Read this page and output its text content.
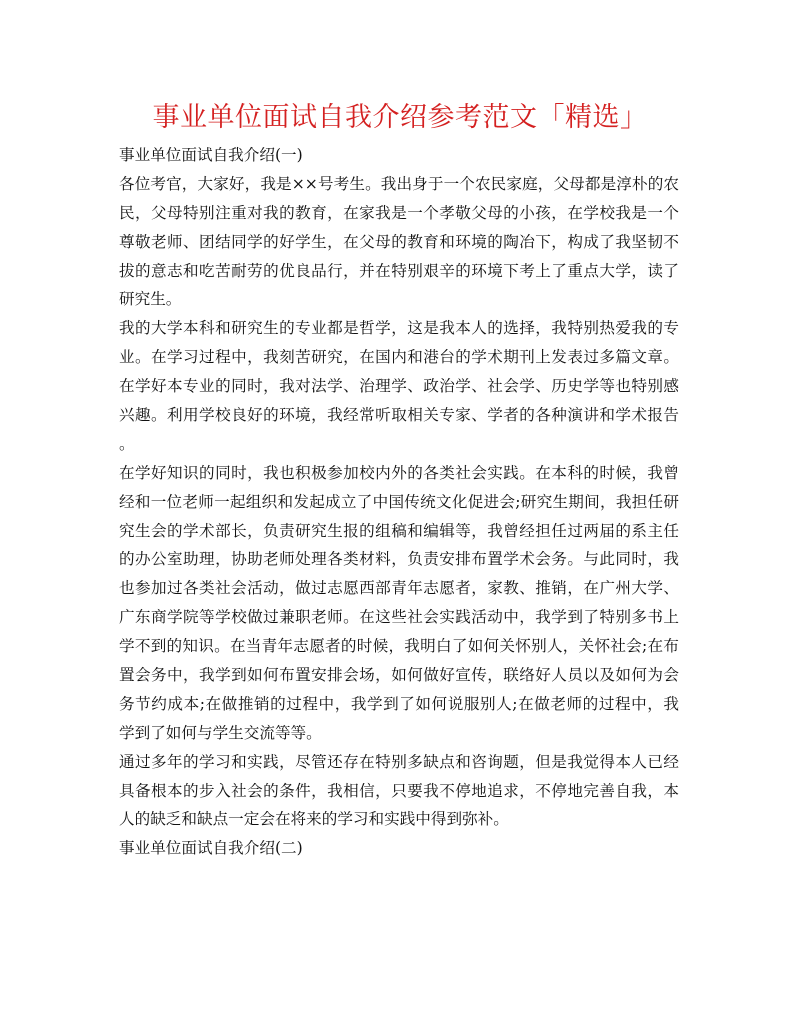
事业单位面试自我介绍参考范文「精选」

事业单位面试自我介绍(一)

各位考官，大家好，我是××号考生。我出身于一个农民家庭，父母都是淳朴的农
民，父母特别注重对我的教育，在家我是一个孝敬父母的小孩，在学校我是一个
尊敬老师、团结同学的好学生，在父母的教育和环境的陶冶下，构成了我坚韧不
拔的意志和吃苦耐劳的优良品行，并在特别艰辛的环境下考上了重点大学，读了
研究生。

我的大学本科和研究生的专业都是哲学，这是我本人的选择，我特别热爱我的专
业。在学习过程中，我刻苦研究，在国内和港台的学术期刊上发表过多篇文章。
在学好本专业的同时，我对法学、治理学、政治学、社会学、历史学等也特别感
兴趣。利用学校良好的环境，我经常听取相关专家、学者的各种演讲和学术报告
。

在学好知识的同时，我也积极参加校内外的各类社会实践。在本科的时候，我曾
经和一位老师一起组织和发起成立了中国传统文化促进会;研究生期间，我担任研
究生会的学术部长，负责研究生报的组稿和编辑等，我曾经担任过两届的系主任
的办公室助理，协助老师处理各类材料，负责安排布置学术会务。与此同时，我
也参加过各类社会活动，做过志愿西部青年志愿者，家教、推销，在广州大学、
广东商学院等学校做过兼职老师。在这些社会实践活动中，我学到了特别多书上
学不到的知识。在当青年志愿者的时候，我明白了如何关怀别人，关怀社会;在布
置会务中，我学到如何布置安排会场，如何做好宣传，联络好人员以及如何为会
务节约成本;在做推销的过程中，我学到了如何说服别人;在做老师的过程中，我
学到了如何与学生交流等等。

通过多年的学习和实践，尽管还存在特别多缺点和咨询题，但是我觉得本人已经
具备根本的步入社会的条件，我相信，只要我不停地追求，不停地完善自我，本
人的缺乏和缺点一定会在将来的学习和实践中得到弥补。

事业单位面试自我介绍(二)
